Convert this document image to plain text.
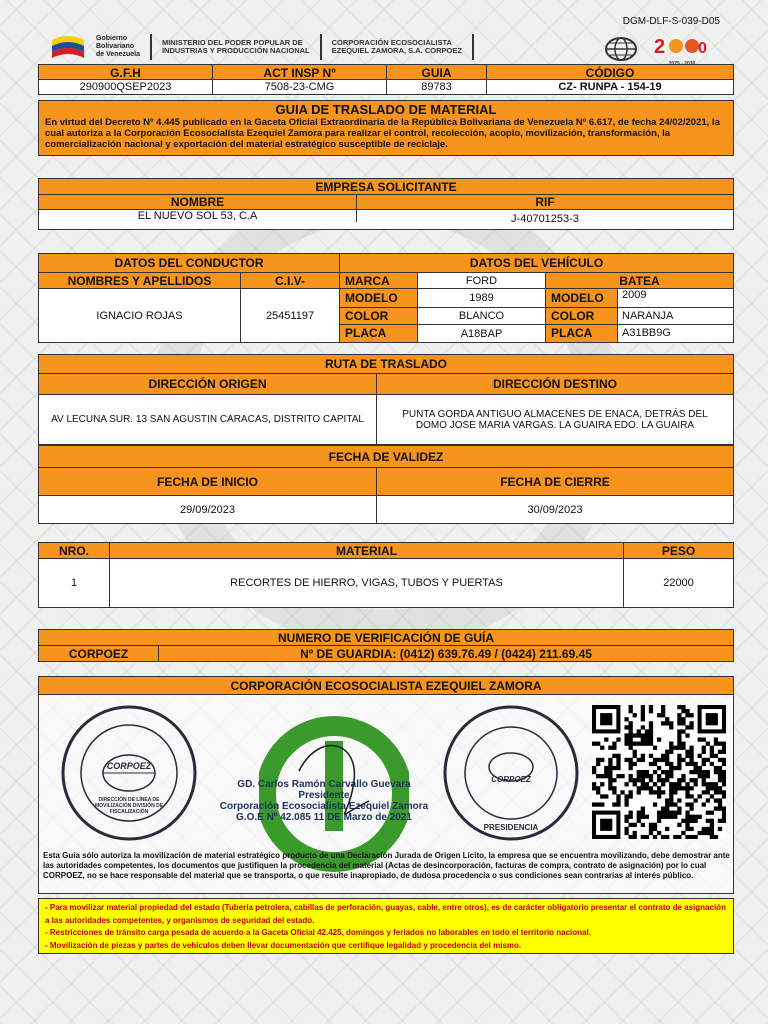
DGM-DLF-S-039-D05
Gobierno
Bolivariano
de Venezuela
MINISTERIO DEL PODER POPULAR DE
INDUSTRIAS Y PRODUCCIÓN NACIONAL
CORPORACIÓN ECOSOCIALISTA
EZEQUIEL ZAMORA, S.A. CORPOEZ	2 0
G.F.H	ACT INSP Nº	GUIA	CÓDIGO
290900QSEP2023	7508-23-CMG	89783	CZ- RUNPA - 154-19
GUIA DE TRASLADO DE MATERIAL
En virtud del Decreto Nº 4.445 publicado en la Gaceta Oficial Extraordinaria de la República Bolivariana de Venezuela Nº 6.617, de fecha 24/02/2021, la cual autoriza a la Corporación Ecosocialista Ezequiel Zamora para realizar el control, recolección, acopio, movilización, transformación, la comercialización nacional y exportación del material estratégico susceptible de reciclaje.
EMPRESA SOLICITANTE
NOMBRE	RIF
EL NUEVO SOL 53, C.A	J-40701253-3
DATOS DEL CONDUCTOR	DATOS DEL VEHÍCULO
NOMBRES Y APELLIDOS	C.I.V-
IGNACIO ROJAS	25451197
MARCA	FORD	BATEA
MODELO	1989	MODELO	2009
COLOR	BLANCO	COLOR	NARANJA
PLACA	A18BAP	PLACA	A31BB9G
RUTA DE TRASLADO
DIRECCIÓN ORIGEN	DIRECCIÓN DESTINO
AV LECUNA SUR. 13 SAN AGUSTIN CARACAS, DISTRITO CAPITAL	PUNTA GORDA ANTIGUO ALMACENES DE ENACA, DETRÁS DEL DOMO JOSE MARIA VARGAS. LA GUAIRA EDO. LA GUAIRA
FECHA DE VALIDEZ
FECHA DE INICIO	FECHA DE CIERRE
29/09/2023	30/09/2023
NRO.	MATERIAL	PESO
1	RECORTES DE HIERRO, VIGAS, TUBOS Y PUERTAS	22000
NUMERO DE VERIFICACIÓN DE GUÍA
CORPOEZ	Nº DE GUARDIA: (0412) 639.76.49 / (0424) 211.69.45
CORPORACIÓN ECOSOCIALISTA EZEQUIEL ZAMORA
CORPOEZ
DIRECCIÓN DE LÍNEA DE MOVILIZACIÓN DIVISIÓN DE FISCALIZACIÓN
GD. Carlos Ramón Carvallo Guevara
Presidente
Corporación Ecosocialista Ezequiel Zamora
G.O.E Nº 42.085 11 DE Marzo de 2021
CORPOEZ
PRESIDENCIA
Esta Guía sólo autoriza la movilización de material estratégico producto de una Declaración Jurada de Origen Lícito, la empresa que se encuentra movilizando, debe demostrar ante las autoridades competentes, los documentos que justifiquen la procedencia del material (Actas de desincorporación, facturas de compra, contrato de asignación) por lo cual CORPOEZ, no se hace responsable del material que se transporta, o que resulte inapropiado, de dudosa procedencia o sus condiciones sean contrarias al interés público.
- Para movilizar material propiedad del estado (Tubería petrolera, cabillas de perforación, guayas, cable, entre otros), es de carácter obligatorio presentar el contrato de asignación a las autoridades competentes, y organismos de seguridad del estado.
- Restricciones de tránsito carga pesada de acuerdo a la Gaceta Oficial 42.425, domingos y feriados no laborables en todo el territorio nacional.
- Movilización de piezas y partes de vehículos deben llevar documentación que certifique legalidad y procedencia del mismo.
